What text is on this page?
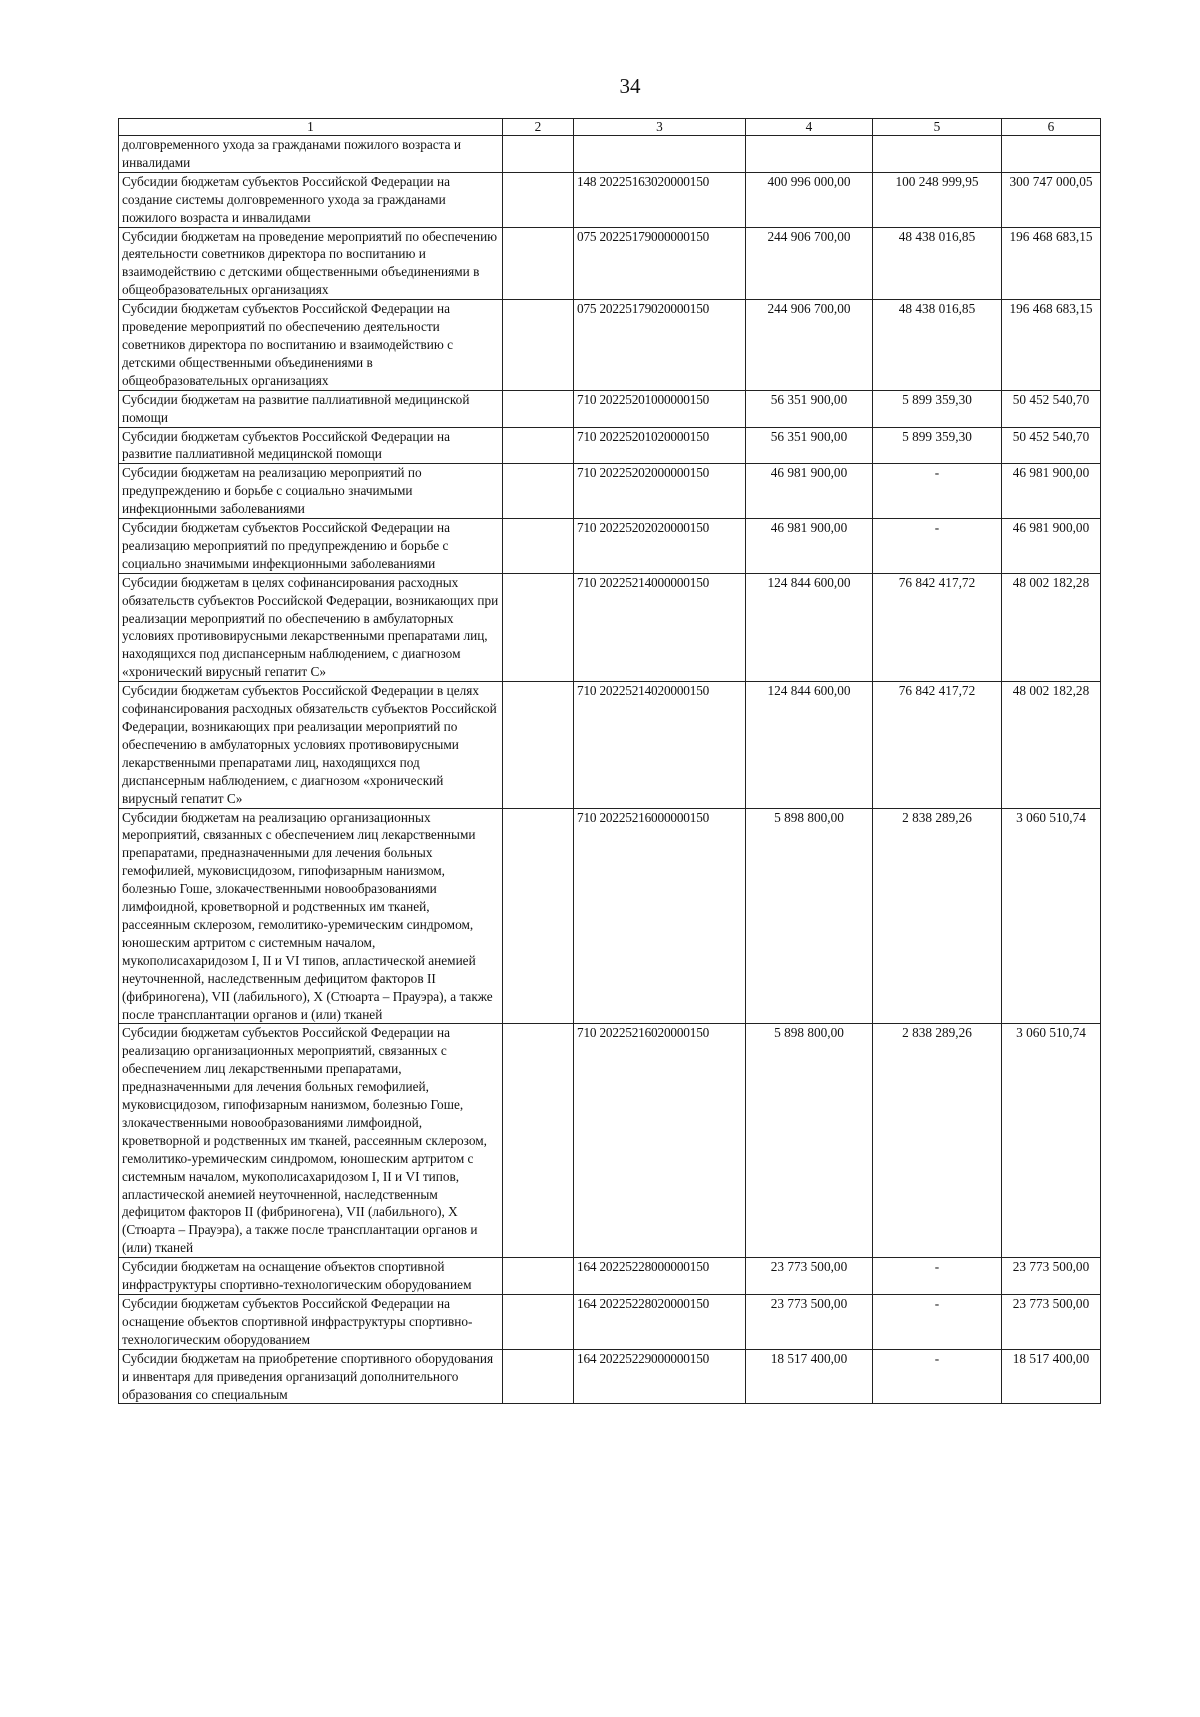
34
1	2	3	4	5	6
долговременного ухода за гражданами пожилого возраста и инвалидами					
Субсидии бюджетам субъектов Российской Федерации на создание системы долговременного ухода за гражданами пожилого возраста и инвалидами		148 20225163020000150	400 996 000,00	100 248 999,95	300 747 000,05
Субсидии бюджетам на проведение мероприятий по обеспечению деятельности советников директора по воспитанию и взаимодействию с детскими общественными объединениями в общеобразовательных организациях		075 20225179000000150	244 906 700,00	48 438 016,85	196 468 683,15
Субсидии бюджетам субъектов Российской Федерации на проведение мероприятий по обеспечению деятельности советников директора по воспитанию и взаимодействию с детскими общественными объединениями в общеобразовательных организациях		075 20225179020000150	244 906 700,00	48 438 016,85	196 468 683,15
Субсидии бюджетам на развитие паллиативной медицинской помощи		710 20225201000000150	56 351 900,00	5 899 359,30	50 452 540,70
Субсидии бюджетам субъектов Российской Федерации на развитие паллиативной медицинской помощи		710 20225201020000150	56 351 900,00	5 899 359,30	50 452 540,70
Субсидии бюджетам на реализацию мероприятий по предупреждению и борьбе с социально значимыми инфекционными заболеваниями		710 20225202000000150	46 981 900,00	-	46 981 900,00
Субсидии бюджетам субъектов Российской Федерации на реализацию мероприятий по предупреждению и борьбе с социально значимыми инфекционными заболеваниями		710 20225202020000150	46 981 900,00	-	46 981 900,00
Субсидии бюджетам в целях софинансирования расходных обязательств субъектов Российской Федерации, возникающих при реализации мероприятий по обеспечению в амбулаторных условиях противовирусными лекарственными препаратами лиц, находящихся под диспансерным наблюдением, с диагнозом «хронический вирусный гепатит С»		710 20225214000000150	124 844 600,00	76 842 417,72	48 002 182,28
Субсидии бюджетам субъектов Российской Федерации в целях софинансирования расходных обязательств субъектов Российской Федерации, возникающих при реализации мероприятий по обеспечению в амбулаторных условиях противовирусными лекарственными препаратами лиц, находящихся под диспансерным наблюдением, с диагнозом «хронический вирусный гепатит С»		710 20225214020000150	124 844 600,00	76 842 417,72	48 002 182,28
Субсидии бюджетам на реализацию организационных мероприятий, связанных с обеспечением лиц лекарственными препаратами, предназначенными для лечения больных гемофилией, муковисцидозом, гипофизарным нанизмом, болезнью Гоше, злокачественными новообразованиями лимфоидной, кроветворной и родственных им тканей, рассеянным склерозом, гемолитико-уремическим синдромом, юношеским артритом с системным началом, мукополисахаридозом I, II и VI типов, апластической анемией неуточненной, наследственным дефицитом факторов II (фибриногена), VII (лабильного), X (Стюарта – Прауэра), а также после трансплантации органов и (или) тканей		710 20225216000000150	5 898 800,00	2 838 289,26	3 060 510,74
Субсидии бюджетам субъектов Российской Федерации на реализацию организационных мероприятий, связанных с обеспечением лиц лекарственными препаратами, предназначенными для лечения больных гемофилией, муковисцидозом, гипофизарным нанизмом, болезнью Гоше, злокачественными новообразованиями лимфоидной, кроветворной и родственных им тканей, рассеянным склерозом, гемолитико-уремическим синдромом, юношеским артритом с системным началом, мукополисахаридозом I, II и VI типов, апластической анемией неуточненной, наследственным дефицитом факторов II (фибриногена), VII (лабильного), X (Стюарта – Прауэра), а также после трансплантации органов и (или) тканей		710 20225216020000150	5 898 800,00	2 838 289,26	3 060 510,74
Субсидии бюджетам на оснащение объектов спортивной инфраструктуры спортивно-технологическим оборудованием		164 20225228000000150	23 773 500,00	-	23 773 500,00
Субсидии бюджетам субъектов Российской Федерации на оснащение объектов спортивной инфраструктуры спортивно-технологическим оборудованием		164 20225228020000150	23 773 500,00	-	23 773 500,00
Субсидии бюджетам на приобретение спортивного оборудования и инвентаря для приведения организаций дополнительного образования со специальным		164 20225229000000150	18 517 400,00	-	18 517 400,00
